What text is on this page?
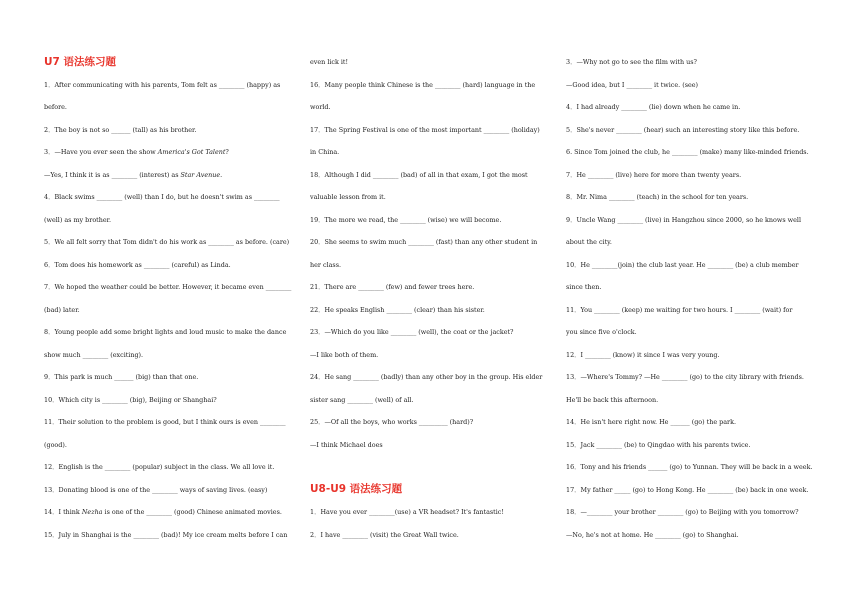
U7 语法练习题
1．After communicating with his parents, Tom felt as ________ (happy) as
before.
2．The boy is not so ______ (tall) as his brother.
3．—Have you ever seen the show America's Got Talent?
—Yes, I think it is as ________ (interest) as Star Avenue.
4．Black swims ________ (well) than I do, but he doesn't swim as ________
(well) as my brother.
5．We all felt sorry that Tom didn't do his work as ________ as before. (care)
6．Tom does his homework as ________ (careful) as Linda.
7．We hoped the weather could be better. However, it became even ________
(bad) later.
8．Young people add some bright lights and loud music to make the dance
show much ________ (exciting).
9．This park is much ______ (big) than that one.
10．Which city is ________ (big), Beijing or Shanghai?
11．Their solution to the problem is good, but I think ours is even ________
(good).
12．English is the ________ (popular) subject in the class. We all love it.
13．Donating blood is one of the ________ ways of saving lives. (easy)
14．I think Nezha is one of the ________ (good) Chinese animated movies.
15．July in Shanghai is the ________ (bad)! My ice cream melts before I can
even lick it!
16．Many people think Chinese is the ________ (hard) language in the
world.
17．The Spring Festival is one of the most important ________ (holiday)
in China.
18．Although I did ________ (bad) of all in that exam, I got the most
valuable lesson from it.
19．The more we read, the ________ (wise) we will become.
20．She seems to swim much ________ (fast) than any other student in
her class.
21．There are ________ (few) and fewer trees here.
22．He speaks English ________ (clear) than his sister.
23．—Which do you like ________ (well), the coat or the jacket?
—I like both of them.
24．He sang ________ (badly) than any other boy in the group. His elder
sister sang ________ (well) of all.
25．—Of all the boys, who works _________ (hard)?
—I think Michael does
U8-U9 语法练习题
1．Have you ever ________(use) a VR headset? It's fantastic!
2．I have ________ (visit) the Great Wall twice.
3．—Why not go to see the film with us?
—Good idea, but I ________ it twice. (see)
4．I had already ________ (lie) down when he came in.
5．She's never ________ (hear) such an interesting story like this before.
6. Since Tom joined the club, he ________ (make) many like-minded friends.
7．He ________ (live) here for more than twenty years.
8．Mr. Nima ________ (teach) in the school for ten years.
9．Uncle Wang ________ (live) in Hangzhou since 2000, so he knows well
about the city.
10．He ________(join) the club last year. He ________ (be) a club member
since then.
11．You ________ (keep) me waiting for two hours. I ________ (wait) for
you since five o'clock.
12．I ________ (know) it since I was very young.
13．—Where's Tommy? —He ________ (go) to the city library with friends.
He'll be back this afternoon.
14．He isn't here right now. He ______ (go) the park.
15．Jack ________ (be) to Qingdao with his parents twice.
16．Tony and his friends ______ (go) to Yunnan. They will be back in a week.
17．My father _____ (go) to Hong Kong. He ________ (be) back in one week.
18．—________ your brother ________ (go) to Beijing with you tomorrow?
—No, he's not at home. He ________ (go) to Shanghai.
